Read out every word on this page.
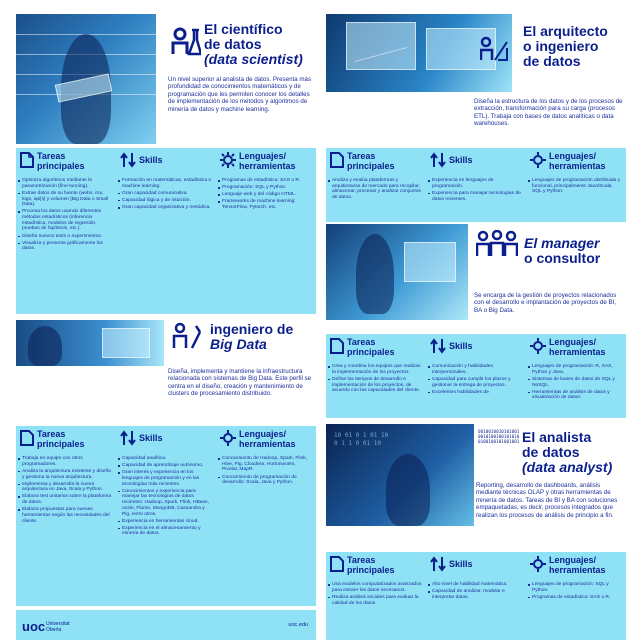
El científico
de datos
(data scientist)
Un nivel superior al analista de datos. Presenta más profundidad de conocimientos matemáticos y de programación que les permiten conocer los detalles de implementación de los métodos y algoritmos de minería de datos y machine learning.
Tareas
principales
Optimiza algoritmos mediante la parametrización (fine-tunning).
Extrae datos de su fuente (webs, csv, logs, api[s] y volumen [Big Data o Small Data).
Procesa los datos usando diferentes métodos estadísticos (inferencia estadística, modelos de regresión, pruebas de hipótesis, etc.).
Diseña nuevos tests o experimentos.
Visualiza y presenta gráficamente los datos.
Skills
Formación en matemáticas, estadística o machine learning.
Gran capacidad comunicativa.
Capacidad lógica y de intuición.
Gran capacidad organizativa y metódica.
Lenguajes/
herramientas
Programas de estadística: SAS o R.
Programación: SQL y Python.
Lenguaje web y del código HTML.
Frameworks de machine learning: TensorFlow, Pytorch, etc.
El arquitecto
o ingeniero
de datos
Diseña la estructura de los datos y de los procesos de extracción, transformación para su carga (procesos ETL). Trabaja con bases de datos analíticas o data warehouses.
Tareas
principales
Analiza y evalúa plataformas y arquitecturas de mercado para recopilar, almacenar, procesar y analizar conjuntos de datos.
Skills
Experiencia en lenguajes de programación.
Experiencia para manejar tecnologías de datos recientes.
Lenguajes/
herramientas
Lenguajes de programación distribuida y funcional, principalmente Java/Scala, SQL y Python.
El manager
o consultor
Se encarga de la gestión de proyectos relacionados con el desarrollo e implantación de proyectos de BI, BA o Big Data.
Tareas
principales
Crea y coordina los equipos que realizan la implementación de los proyectos.
Define los tiempos de desarrollo e implementación de los proyectos, de acuerdo con las capacidades del cliente.
Skills
Comunicación y habilidades interpersonales.
Capacidad para cumplir los plazos y gestionar la entrega de proyectos.
Excelentes habilidades de
Lenguajes/
herramientas
Lenguajes de programación: R, SAS, Python y Java.
Sistemas de bases de datos de SQL y NoSQL.
Herramientas de análisis de datos y visualización de datos:
ingeniero de
Big Data
Diseña, implementa y mantiene la infraestructura relacionada con sistemas de Big Data. Este perfil se centra en el diseño, creación y mantenimiento de clusters de procesamiento distribuido.
Tareas
principales
Trabaja en equipo con otros programadores.
Analiza la arquitectura existente y diseña y gestiona la nueva arquitectura.
Implementa y desarrolla la nueva arquitectura en Java, Scala y Python.
Elabora test unitarios sobre la plataforma de datos.
Elabora propuestas para nuevas herramientas según las necesidades del cliente.
Skills
Capacidad analítica.
Capacidad de aprendizaje autónomo.
Gran interés y experiencia en los lenguajes de programación y en las tecnologías más recientes.
Conocimientos y experiencia para manejar las tecnologías de datos recientes: Hadoop, Spark, Flink, HBase, oozie, Flume, MongoDB, Cassandra y Pig, entre otros.
Experiencia en herramientas cloud.
Experiencia en el almacenamiento y minería de datos.
Lenguajes/
herramientas
Conocimiento de Hadoop, Spark, Flink, Hive, Pig, Cloudera, Hortonworks, Pivotal, MapR.
Conocimiento de programación de desarrollo: Scala, Java y Python.
10 01 0 1 01 10 0 1 1 0 01 10
0010010010101001
0010100100101010
0100100101001001 El analista
de datos
(data analyst)
Reporting, desarrollo de dashboards, análisis mediante técnicas OLAP y otras herramientas de minería de datos. Tareas de BI y BA con soluciones empaquetadas, es decir, procesos integrados que realizan los procesos de análisis de principio a fin.
Tareas
principales
Usa modelos computarizados avanzados para extraer los datos necesarios.
Realiza análisis iniciales para evaluar la calidad de los datos.
Skills
Alto nivel de habilidad matemática.
Capacidad de analizar, modelar e interpretar datos.
Lenguajes/
herramientas
Lenguajes de programación: SQL y Python.
Programas de estadística: SAS o R.
uoc Universitat
Oberta
uoc.edu
